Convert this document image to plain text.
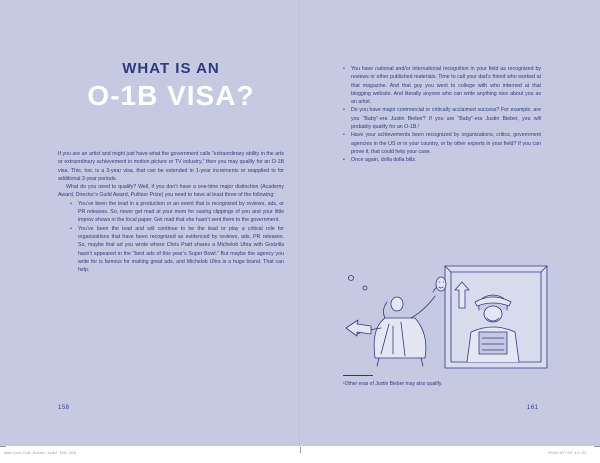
WHAT IS AN
O-1B VISA?

If you are an artist and might just have what the government calls “extraordinary ability in the arts or extraordinary achievement in motion picture or TV industry,” then you may qualify for an O-1B visa. This, too, is a 3-year visa, that can be extended in 1-year increments or reapplied to for additional 3-year periods.

What do you need to qualify? Well, if you don’t have a one-time major distinction (Academy Award, Director’s Guild Award, Pulitzer Prize) you need to have at least three of the following:

• You’ve been the lead in a production or an event that is recognized by reviews, ads, or PR releases. So, never get mad at your mom for saving clippings of you and your little improv shows in the local paper. Get mad that she hasn’t sent them to the government.
• You’ve been the lead and will continue to be the lead or play a critical role for organizations that have been recognized as evidenced by reviews, ads, PR releases. So, maybe that ad you wrote where Chris Pratt shares a Michelob Ultra with Godzilla hasn’t appeared in the “best ads of this year’s Super Bowl.” But maybe the agency you write for is famous for making great ads, and Michelob Ultra is a huge brand. That can help.
• You have national and/or international recognition in your field as recognized by reviews or other published materials. Time to call your dad’s friend who worked at that magazine. And that guy you went to college with who interned at that blogging website. And literally anyone who can write anything nice about you as an artist.
• Do you have major commercial or critically acclaimed success? For example, are you “Baby”-era Justin Bieber? If you are “Baby”-era Justin Bieber, you will probably qualify for an O-1B.¹
• Have your achievements been recognized by organizations, critics, government agencies in the US or in your country, or by other experts in your field? If you can prove it, that could help your case.
• Once again, dolla dolla billz.
¹Other eras of Justin Bieber may also qualify.
158	161
America-O1B-Guide.indd 158-159	2019/07/23 12:22
